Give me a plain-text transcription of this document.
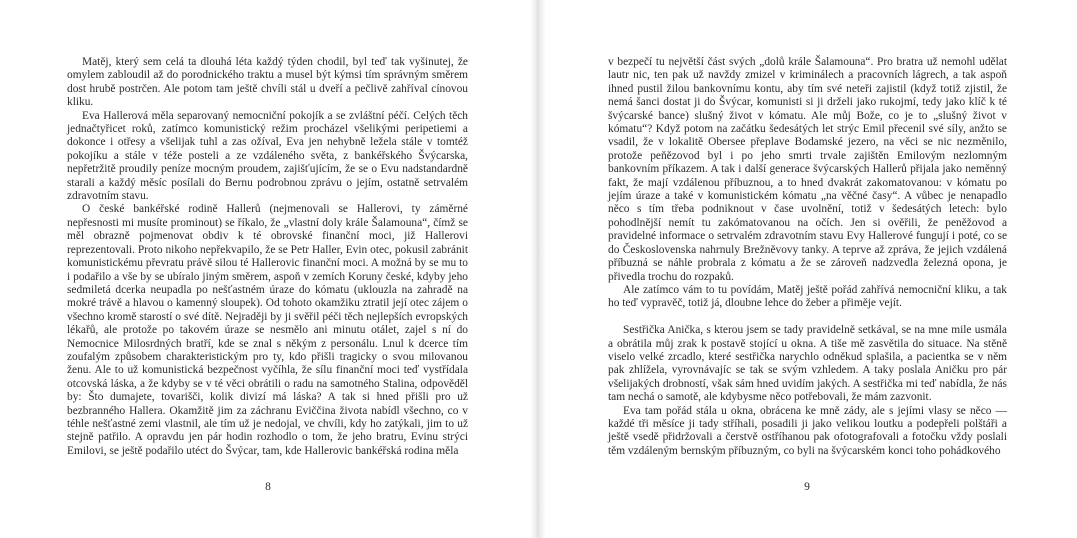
Matěj, který sem celá ta dlouhá léta každý týden chodil, byl teď tak vyšinutej, že omylem zabloudil až do porodnického traktu a musel být kýmsi tím správným směrem dost hrubě postrčen. Ale potom tam ještě chvíli stál u dveří a pečlivě zahříval cínovou kliku.

Eva Hallerová měla separovaný nemocniční pokojík a se zvláštní péčí. Celých těch jednačtyřicet roků, zatímco komunistický režim procházel všelikými peripetiemi a dokonce i otřesy a všelijak tuhl a zas ožíval, Eva jen nehybně ležela stále v tomtéž pokojíku a stále v téže posteli a ze vzdáleného světa, z bankéřského Švýcarska, nepřetržitě proudily peníze mocným proudem, zajišťujícím, že se o Evu nadstandardně starali a každý měsíc posílali do Bernu podrobnou zprávu o jejím, ostatně setrvalém zdravotním stavu.

O české bankéřské rodině Hallerů (nejmenovali se Hallerovi, ty záměrné nepřesnosti mi musíte prominout) se říkalo, že „vlastní doly krále Šalamouna“, čímž se měl obrazně pojmenovat obdiv k té obrovské finanční moci, již Hallerovi reprezentovali. Proto nikoho nepřekvapilo, že se Petr Haller, Evin otec, pokusil zabránit komunistickému převratu právě silou té Hallerovic finanční moci. A možná by se mu to i podařilo a vše by se ubíralo jiným směrem, aspoň v zemích Koruny české, kdyby jeho sedmiletá dcerka neupadla po nešťastném úraze do kómatu (uklouzla na zahradě na mokré trávě a hlavou o kamenný sloupek). Od tohoto okamžiku ztratil její otec zájem o všechno kromě starostí o své dítě. Nejraději by ji svěřil péči těch nejlepších evropských lékařů, ale protože po takovém úraze se nesmělo ani minutu otálet, zajel s ní do Nemocnice Milosrdných bratří, kde se znal s někým z personálu. Lnul k dcerce tím zoufalým způsobem charakteristickým pro ty, kdo přišli tragicky o svou milovanou ženu. Ale to už komunistická bezpečnost vyčíhla, že sílu finanční moci teď vystřídala otcovská láska, a že kdyby se v té věci obrátili o radu na samotného Stalina, odpověděl by: Što dumajete, tovarišči, kolik divizí má láska? A tak si hned přišli pro už bezbranného Hallera. Okamžitě jim za záchranu Eviččina života nabídl všechno, co v téhle nešťastné zemi vlastnil, ale tím už je nedojal, ve chvíli, kdy ho zatýkali, jim to už stejně patřilo. A opravdu jen pár hodin rozhodlo o tom, že jeho bratru, Evinu strýci Emilovi, se ještě podařilo utéct do Švýcar, tam, kde Hallerovic bankéřská rodina měla

8

v bezpečí tu největší část svých „dolů krále Šalamouna“. Pro bratra už nemohl udělat lautr nic, ten pak už navždy zmizel v kriminálech a pracovních lágrech, a tak aspoň ihned pustil žilou bankovnímu kontu, aby tím své neteři zajistil (když totiž zjistil, že nemá šanci dostat ji do Švýcar, komunisti si ji drželi jako rukojmí, tedy jako klíč k té švýcarské bance) slušný život v kómatu. Ale můj Bože, co je to „slušný život v kómatu“? Když potom na začátku šedesátých let strýc Emil přecenil své síly, anžto se vsadil, že v lokalitě Obersee přeplave Bodamské jezero, na věci se nic nezměnilo, protože peňězovod byl i po jeho smrti trvale zajištěn Emilovým nezlomným bankovním příkazem. A tak i další generace švýcarských Hallerů přijala jako neměnný fakt, že mají vzdálenou příbuznou, a to hned dvakrát zakomatovanou: v kómatu po jejím úraze a také v komunistickém kómatu „na věčné časy“. A vůbec je nenapadlo něco s tím třeba podniknout v čase uvolnění, totiž v šedesátých letech: bylo pohodlnější nemít tu zakómatovanou na očích. Jen si ověřili, že peněžovod a pravidelné informace o setrvalém zdravotním stavu Evy Hallerové fungují i poté, co se do Československa nahrnuly Brežněvovy tanky. A teprve až zpráva, že jejich vzdálená příbuzná se náhle probrala z kómatu a že se zároveň nadzvedla železná opona, je přivedla trochu do rozpaků.

Ale zatímco vám to tu povídám, Matěj ještě pořád zahřívá nemocniční kliku, a tak ho teď vypravěč, totiž já, dloubne lehce do žeber a přiměje vejít.

Sestřička Anička, s kterou jsem se tady pravidelně setkával, se na mne mile usmála a obrátila můj zrak k postavě stojící u okna. A tiše mě zasvětila do situace. Na stěně viselo velké zrcadlo, které sestřička narychlo odněkud splašila, a pacientka se v něm pak zhlížela, vyrovnávajíc se tak se svým vzhledem. A taky poslala Aničku pro pár všelijakých drobností, však sám hned uvidím jakých. A sestřička mi teď nabídla, že nás tam nechá o samotě, ale kdybysme něco potřebovali, že mám zazvonit.

Eva tam pořád stála u okna, obrácena ke mně zády, ale s jejími vlasy se něco — každé tři měsíce ji tady stříhali, posadili ji jako velikou loutku a podepřeli polštáři a ještě vsedě přidržovali a čerstvě ostříhanou pak ofotografovali a fotočku vždy poslali těm vzdáleným bernským příbuzným, co byli na švýcarském konci toho pohádkového

9
